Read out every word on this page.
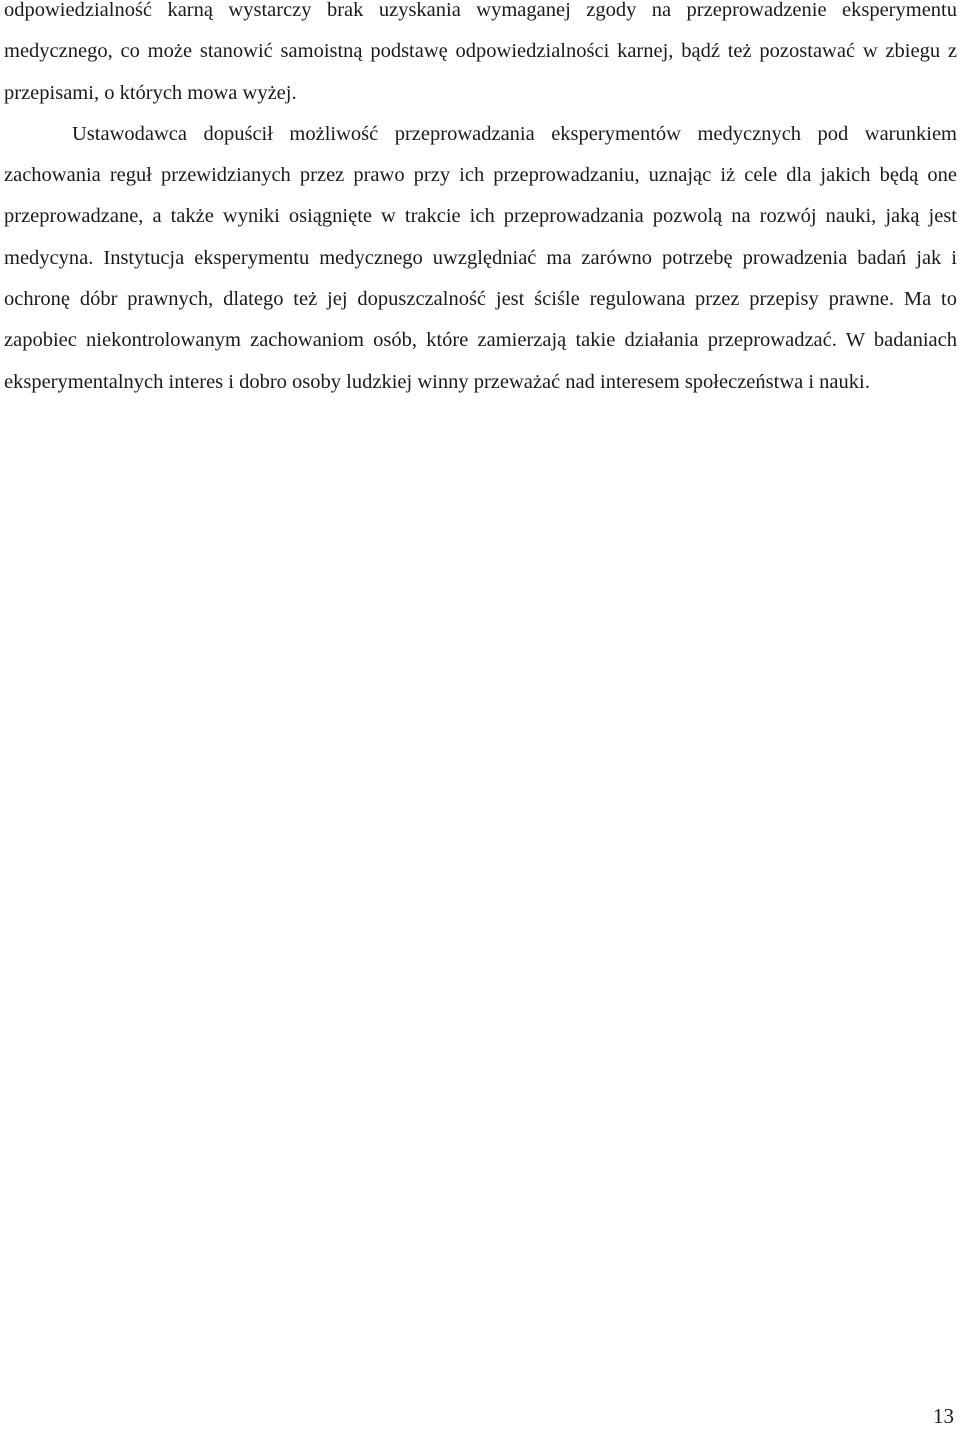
odpowiedzialność karną wystarczy brak uzyskania wymaganej zgody na przeprowadzenie eksperymentu medycznego, co może stanowić samoistną podstawę odpowiedzialności karnej, bądź też pozostawać w zbiegu z przepisami, o których mowa wyżej.

Ustawodawca dopuścił możliwość przeprowadzania eksperymentów medycznych pod warunkiem zachowania reguł przewidzianych przez prawo przy ich przeprowadzaniu, uznając iż cele dla jakich będą one przeprowadzane, a także wyniki osiągnięte w trakcie ich przeprowadzania pozwolą na rozwój nauki, jaką jest medycyna. Instytucja eksperymentu medycznego uwzględniać ma zarówno potrzebę prowadzenia badań jak i ochronę dóbr prawnych, dlatego też jej dopuszczalność jest ściśle regulowana przez przepisy prawne. Ma to zapobiec niekontrolowanym zachowaniom osób, które zamierzają takie działania przeprowadzać. W badaniach eksperymentalnych interes i dobro osoby ludzkiej winny przeważać nad interesem społeczeństwa i nauki.

13
